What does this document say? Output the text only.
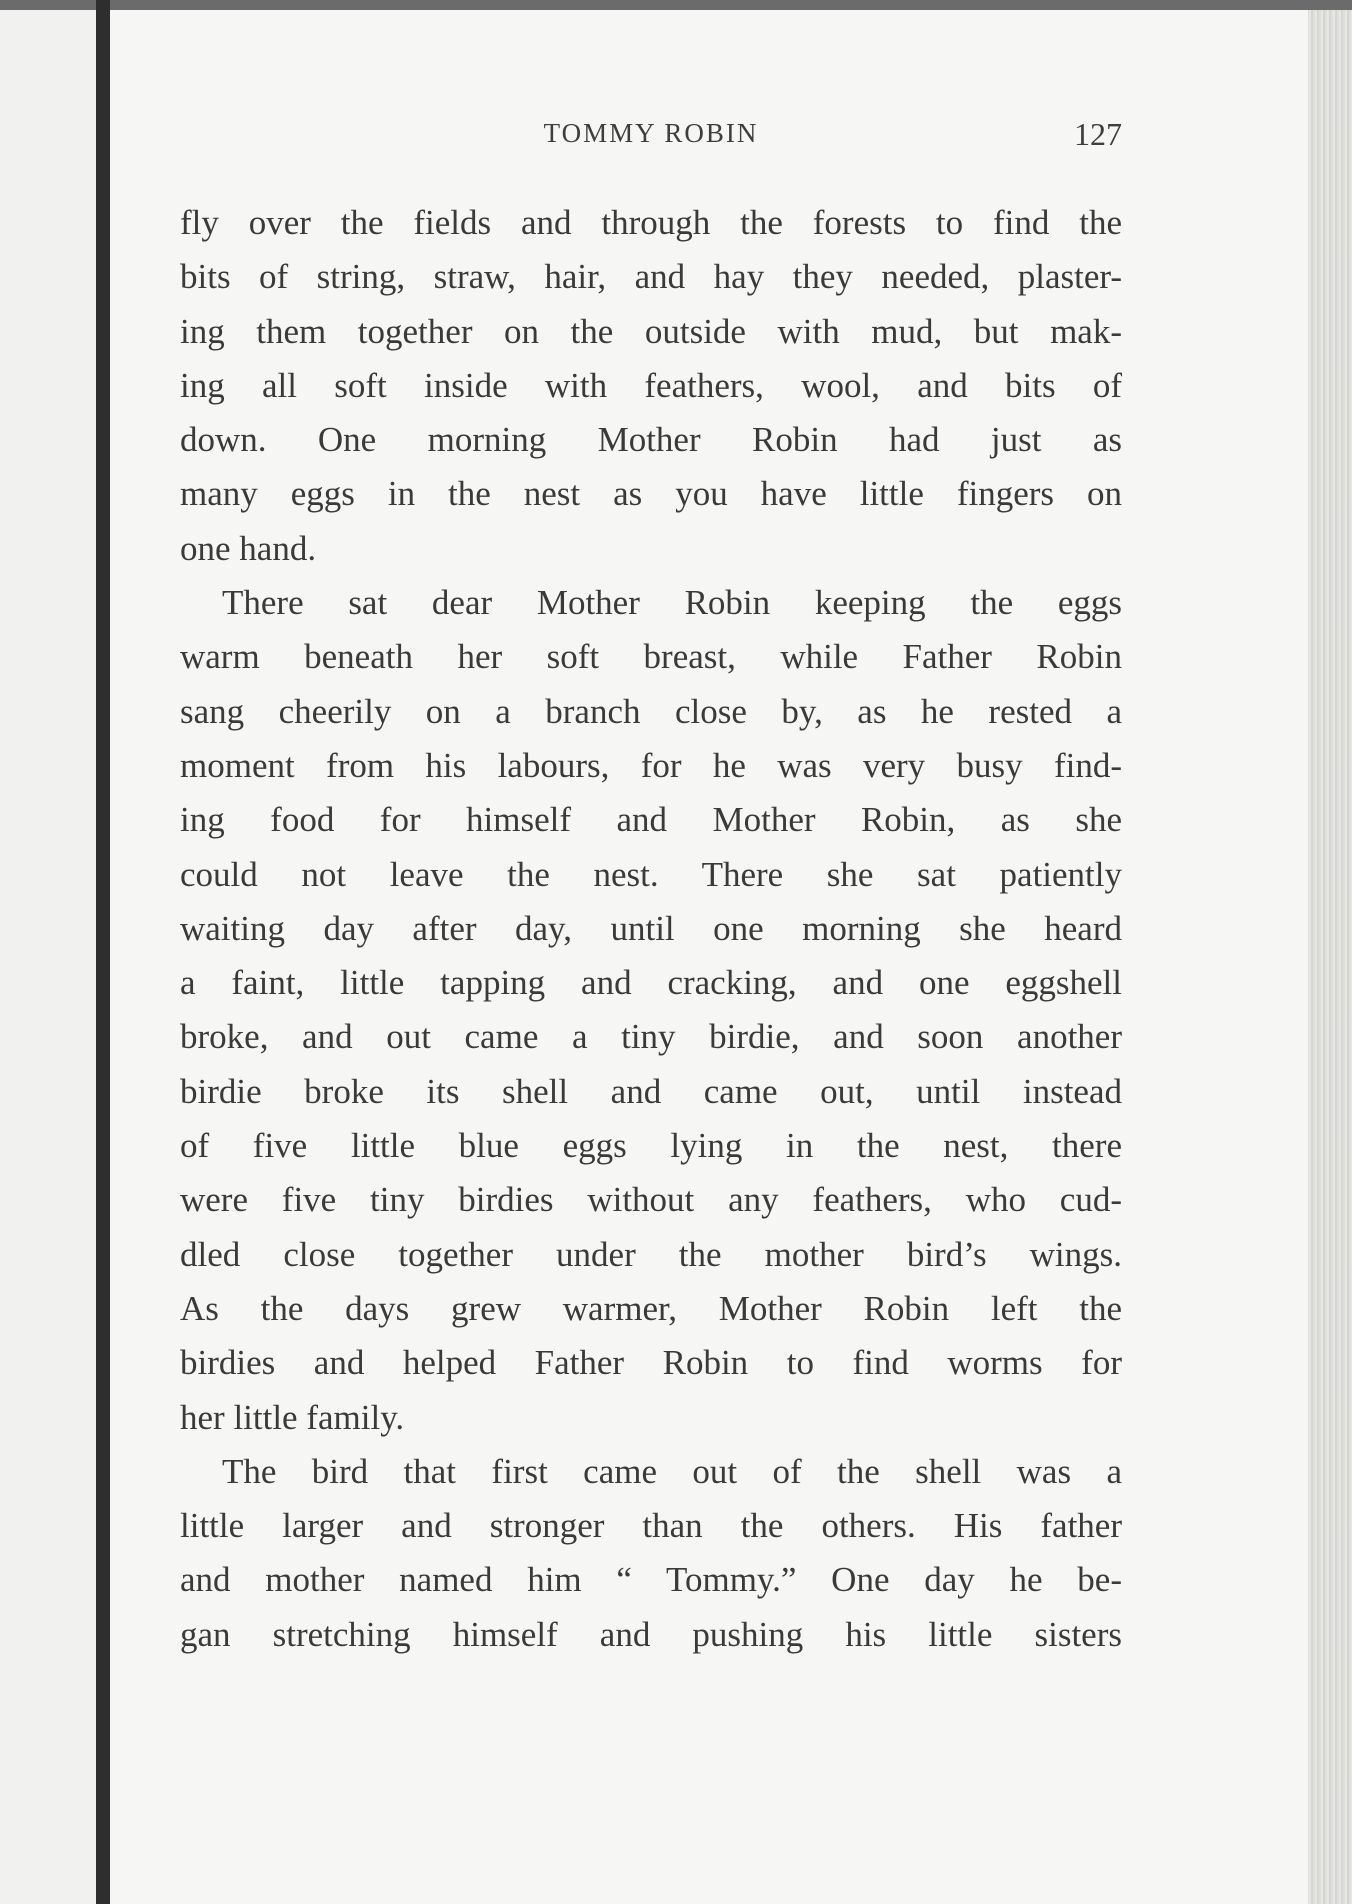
TOMMY ROBIN	127
fly over the fields and through the forests to find the
bits of string, straw, hair, and hay they needed, plaster-
ing them together on the outside with mud, but mak-
ing all soft inside with feathers, wool, and bits of
down. One morning Mother Robin had just as
many eggs in the nest as you have little fingers on
one hand.
There sat dear Mother Robin keeping the eggs
warm beneath her soft breast, while Father Robin
sang cheerily on a branch close by, as he rested a
moment from his labours, for he was very busy find-
ing food for himself and Mother Robin, as she
could not leave the nest. There she sat patiently
waiting day after day, until one morning she heard
a faint, little tapping and cracking, and one eggshell
broke, and out came a tiny birdie, and soon another
birdie broke its shell and came out, until instead
of five little blue eggs lying in the nest, there
were five tiny birdies without any feathers, who cud-
dled close together under the mother bird’s wings.
As the days grew warmer, Mother Robin left the
birdies and helped Father Robin to find worms for
her little family.
The bird that first came out of the shell was a
little larger and stronger than the others. His father
and mother named him “ Tommy.” One day he be-
gan stretching himself and pushing his little sisters
